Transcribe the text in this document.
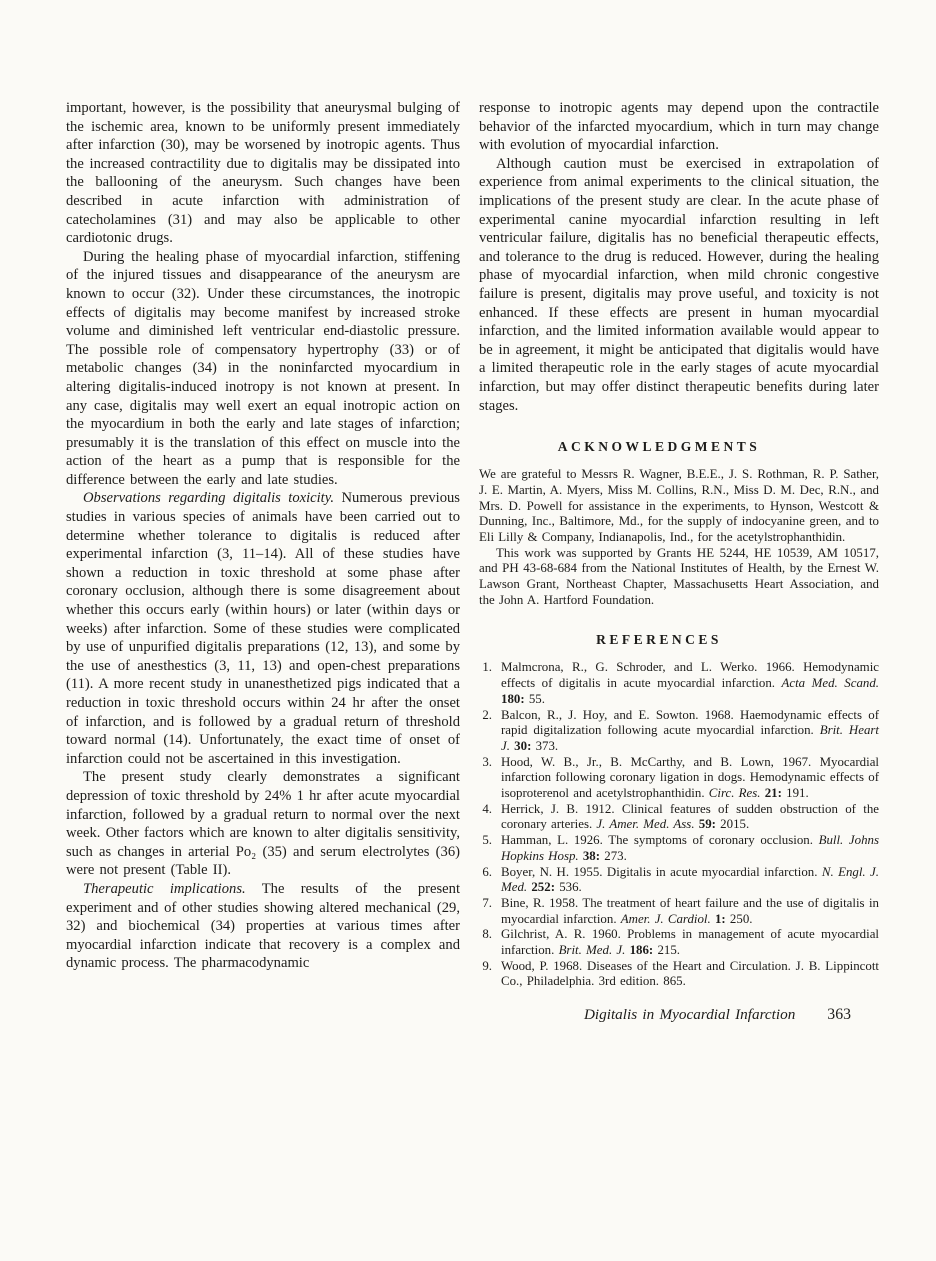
important, however, is the possibility that aneurysmal bulging of the ischemic area, known to be uniformly present immediately after infarction (30), may be worsened by inotropic agents. Thus the increased contractility due to digitalis may be dissipated into the ballooning of the aneurysm. Such changes have been described in acute infarction with administration of catecholamines (31) and may also be applicable to other cardiotonic drugs.

During the healing phase of myocardial infarction, stiffening of the injured tissues and disappearance of the aneurysm are known to occur (32). Under these circumstances, the inotropic effects of digitalis may become manifest by increased stroke volume and diminished left ventricular end-diastolic pressure. The possible role of compensatory hypertrophy (33) or of metabolic changes (34) in the noninfarcted myocardium in altering digitalis-induced inotropy is not known at present. In any case, digitalis may well exert an equal inotropic action on the myocardium in both the early and late stages of infarction; presumably it is the translation of this effect on muscle into the action of the heart as a pump that is responsible for the difference between the early and late studies.

Observations regarding digitalis toxicity. Numerous previous studies in various species of animals have been carried out to determine whether tolerance to digitalis is reduced after experimental infarction (3, 11–14). All of these studies have shown a reduction in toxic threshold at some phase after coronary occlusion, although there is some disagreement about whether this occurs early (within hours) or later (within days or weeks) after infarction. Some of these studies were complicated by use of unpurified digitalis preparations (12, 13), and some by the use of anesthestics (3, 11, 13) and open-chest preparations (11). A more recent study in unanesthetized pigs indicated that a reduction in toxic threshold occurs within 24 hr after the onset of infarction, and is followed by a gradual return of threshold toward normal (14). Unfortunately, the exact time of onset of infarction could not be ascertained in this investigation.

The present study clearly demonstrates a significant depression of toxic threshold by 24% 1 hr after acute myocardial infarction, followed by a gradual return to normal over the next week. Other factors which are known to alter digitalis sensitivity, such as changes in arterial Po₂ (35) and serum electrolytes (36) were not present (Table II).

Therapeutic implications. The results of the present experiment and of other studies showing altered mechanical (29, 32) and biochemical (34) properties at various times after myocardial infarction indicate that recovery is a complex and dynamic process. The pharmacodynamic

response to inotropic agents may depend upon the contractile behavior of the infarcted myocardium, which in turn may change with evolution of myocardial infarction.

Although caution must be exercised in extrapolation of experience from animal experiments to the clinical situation, the implications of the present study are clear. In the acute phase of experimental canine myocardial infarction resulting in left ventricular failure, digitalis has no beneficial therapeutic effects, and tolerance to the drug is reduced. However, during the healing phase of myocardial infarction, when mild chronic congestive failure is present, digitalis may prove useful, and toxicity is not enhanced. If these effects are present in human myocardial infarction, and the limited information available would appear to be in agreement, it might be anticipated that digitalis would have a limited therapeutic role in the early stages of acute myocardial infarction, but may offer distinct therapeutic benefits during later stages.

ACKNOWLEDGMENTS

We are grateful to Messrs R. Wagner, B.E.E., J. S. Rothman, R. P. Sather, J. E. Martin, A. Myers, Miss M. Collins, R.N., Miss D. M. Dec, R.N., and Mrs. D. Powell for assistance in the experiments, to Hynson, Westcott & Dunning, Inc., Baltimore, Md., for the supply of indocyanine green, and to Eli Lilly & Company, Indianapolis, Ind., for the acetylstrophanthidin.

This work was supported by Grants HE 5244, HE 10539, AM 10517, and PH 43-68-684 from the National Institutes of Health, by the Ernest W. Lawson Grant, Northeast Chapter, Massachusetts Heart Association, and the John A. Hartford Foundation.

REFERENCES
1. Malmcrona, R., G. Schroder, and L. Werko. 1966. Hemodynamic effects of digitalis in acute myocardial infarction. Acta Med. Scand. 180: 55.
2. Balcon, R., J. Hoy, and E. Sowton. 1968. Haemodynamic effects of rapid digitalization following acute myocardial infarction. Brit. Heart J. 30: 373.
3. Hood, W. B., Jr., B. McCarthy, and B. Lown, 1967. Myocardial infarction following coronary ligation in dogs. Hemodynamic effects of isoproterenol and acetylstrophanthidin. Circ. Res. 21: 191.
4. Herrick, J. B. 1912. Clinical features of sudden obstruction of the coronary arteries. J. Amer. Med. Ass. 59: 2015.
5. Hamman, L. 1926. The symptoms of coronary occlusion. Bull. Johns Hopkins Hosp. 38: 273.
6. Boyer, N. H. 1955. Digitalis in acute myocardial infarction. N. Engl. J. Med. 252: 536.
7. Bine, R. 1958. The treatment of heart failure and the use of digitalis in myocardial infarction. Amer. J. Cardiol. 1: 250.
8. Gilchrist, A. R. 1960. Problems in management of acute myocardial infarction. Brit. Med. J. 186: 215.
9. Wood, P. 1968. Diseases of the Heart and Circulation. J. B. Lippincott Co., Philadelphia. 3rd edition. 865.
Digitalis in Myocardial Infarction 363
